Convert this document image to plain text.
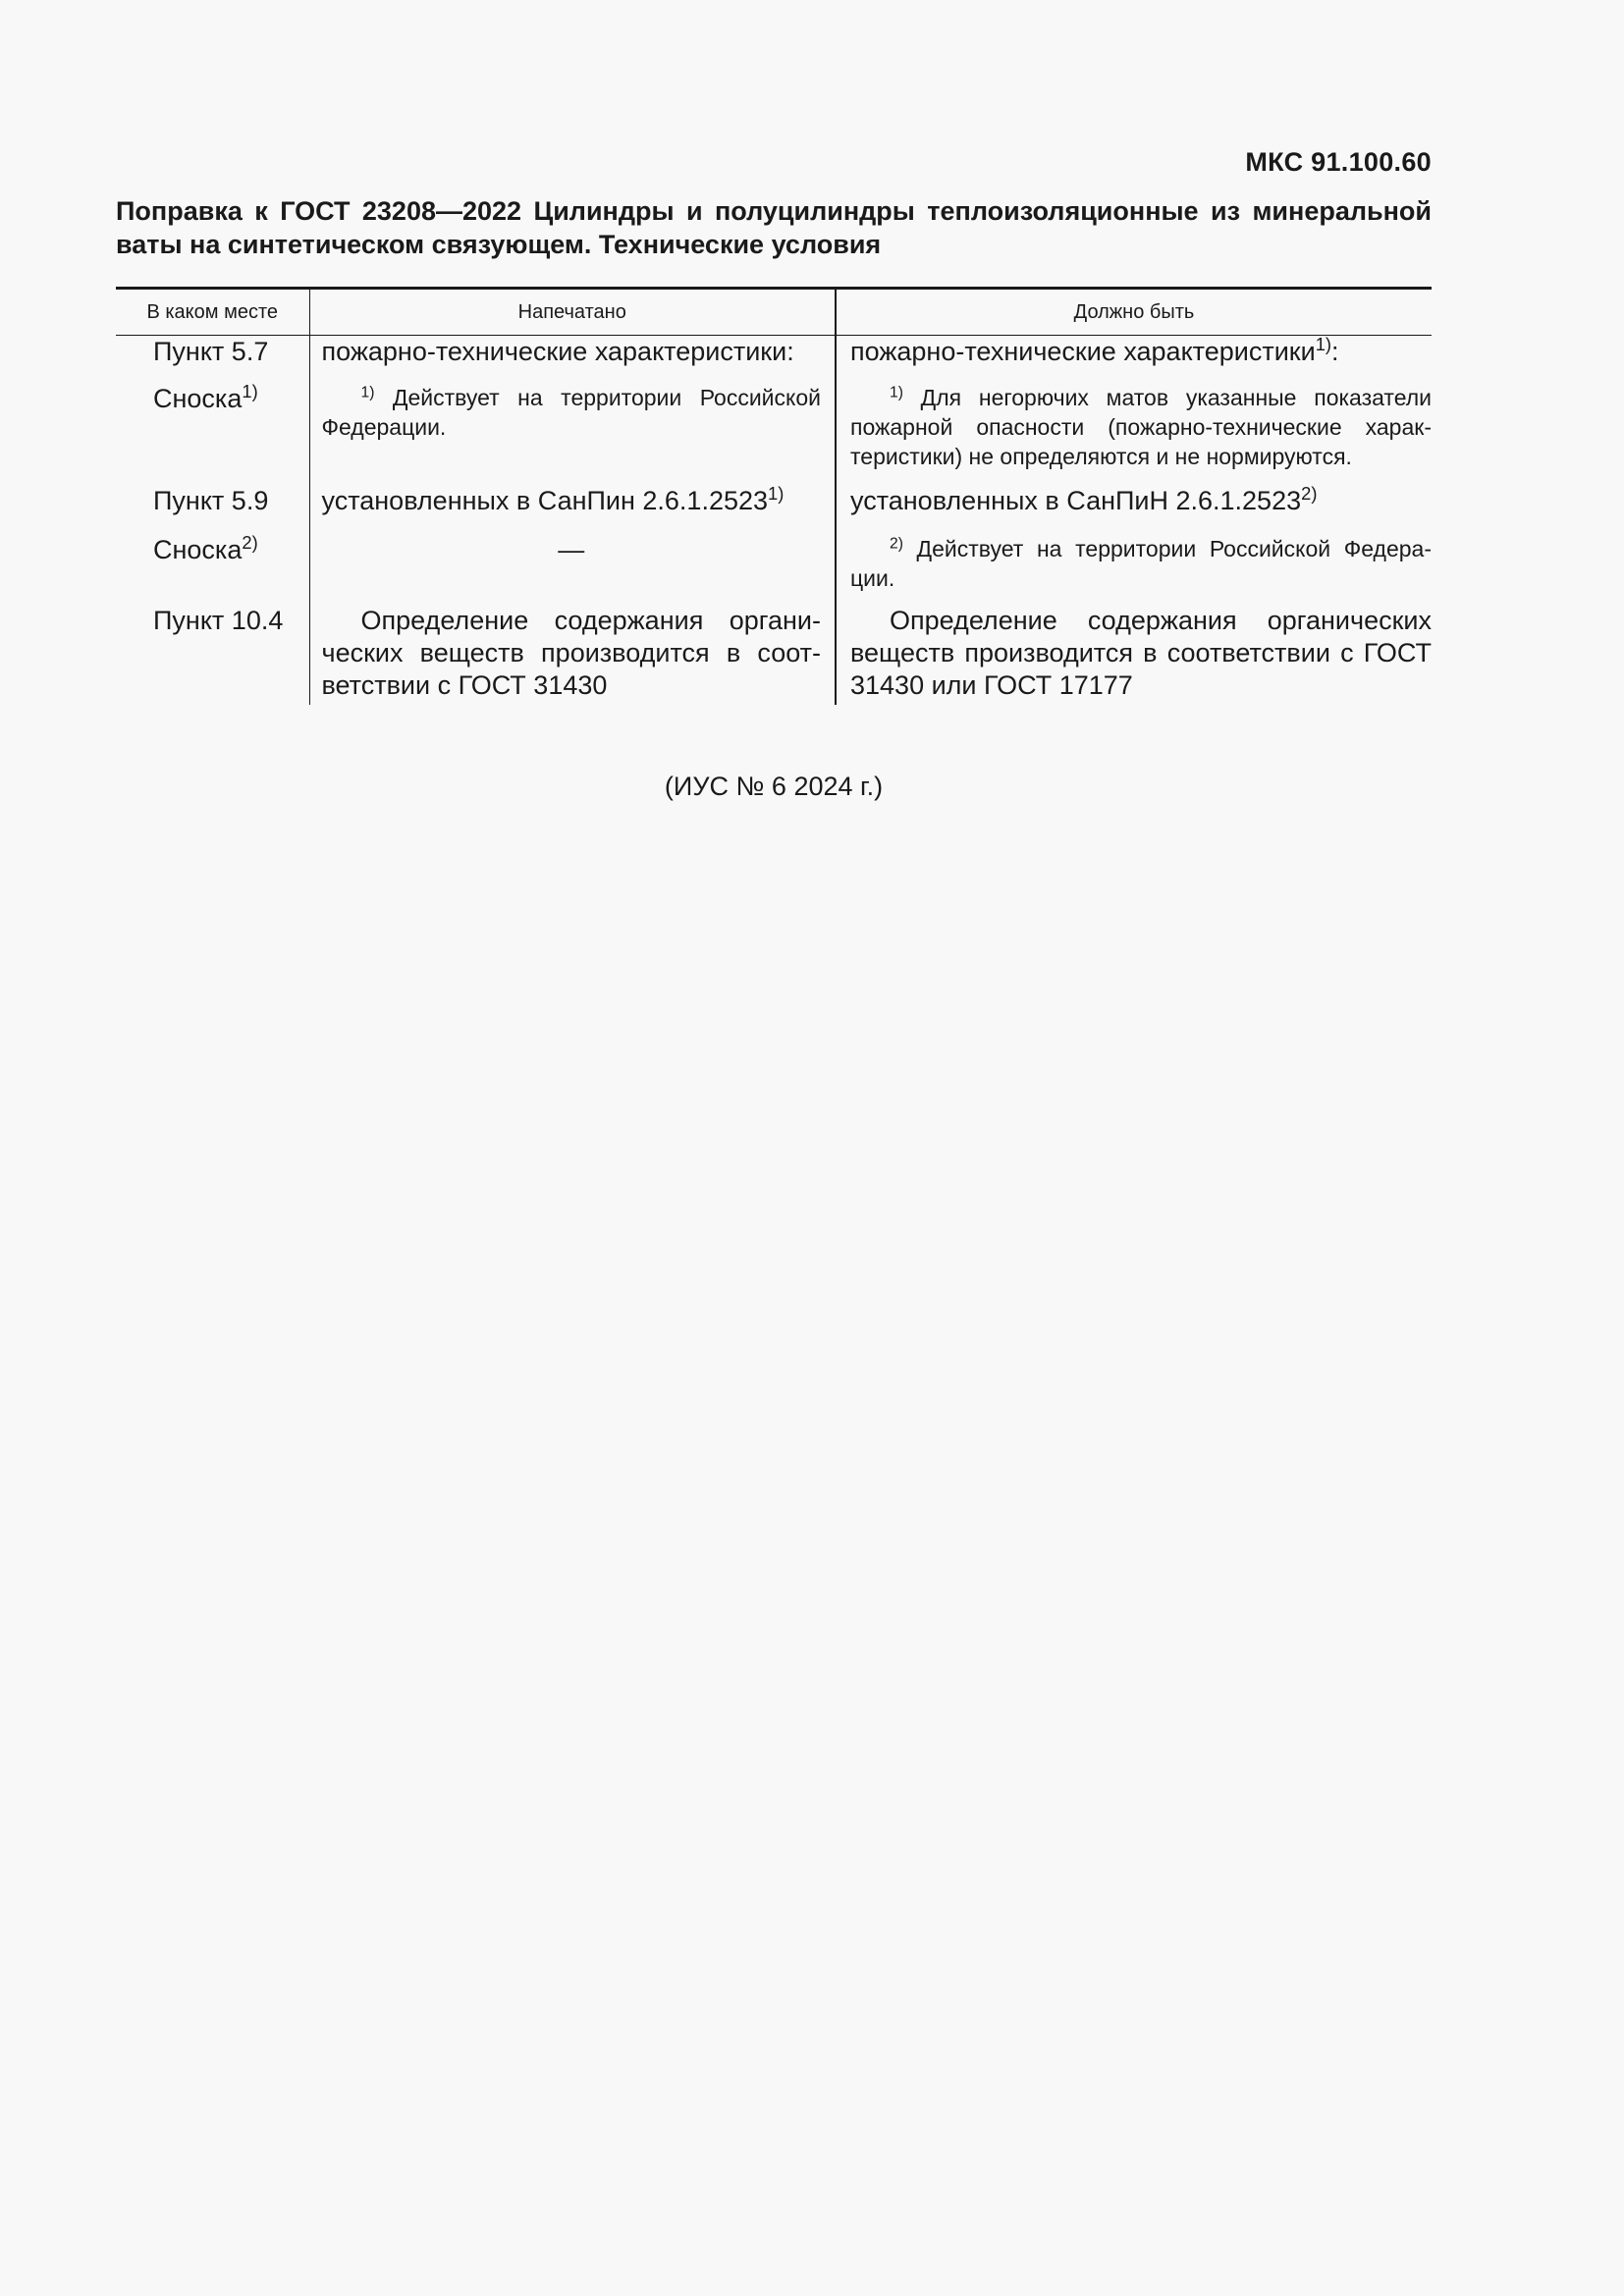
МКС 91.100.60
Поправка к ГОСТ 23208—2022 Цилиндры и полуцилиндры теплоизоляционные из минеральной ваты на синтетическом связующем. Технические условия
В каком месте	Напечатано	Должно быть
Пункт 5.7	пожарно-технические характеристики:	пожарно-технические характеристики$^{1)}$:
Сноска$^{1)}$	$^{1)}$ Действует на территории Российской Федерации.	$^{1)}$ Для негорючих матов указанные показатели пожарной опасности (пожарно-технические характеристики) не определяются и не нормируются.

Пункт 5.9	установленных в СанПин 2.6.1.2523$^{1)}$	установленных в СанПиН 2.6.1.2523$^{2)}$
Сноска$^{2)}$	—	$^{2)}$ Действует на территории Российской Федерации.

Пункт 10.4	Определение содержания органических веществ производится в соответствии с ГОСТ 31430	Определение содержания органических веществ производится в соответствии с ГОСТ 31430 или ГОСТ 17177
(ИУС № 6 2024 г.)
